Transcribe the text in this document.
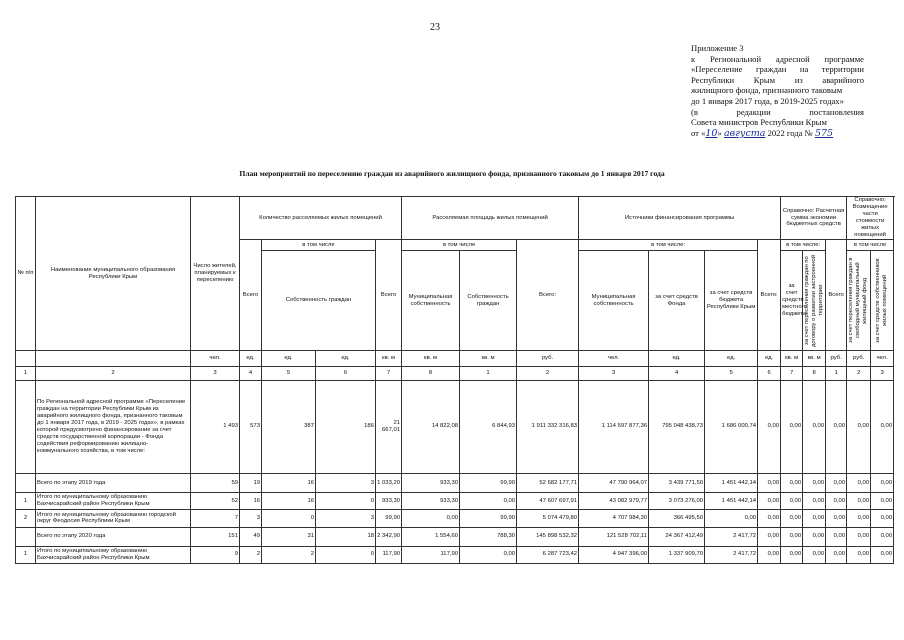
23
Приложение 3
к Региональной адресной программе
«Переселение граждан на территории
Республики Крым из аварийного
жилищного фонда, признанного таковым
до 1 января 2017 года, в 2019-2025 годах»
(в редакции постановления
Совета министров Республики Крым
от «10» августа 2022 года № 575
План мероприятий по переселению граждан из аварийного жилищного фонда, признанного таковым до 1 января 2017 года
№ п/п	Наименование муниципального образования Республики Крым	Число жителей, планируемых к переселению	Количество расселяемых жилых помещений				Расселяемая площадь жилых помещений			Источники финансирования программы				Справочно: Расчетная сумма экономии бюджетных средств			Справочно: Возмещение части стоимости жилых помещений		
			Всего	в том числе		Всего	в том числе		Всего:	в том числе:			Всего:	в том числе:		Всего	в том числе		
				Собственность граждан			Муниципальная собственность	Собственность граждан		Муниципальная собственность	за счет средств Фонда	за счет средств бюджета Республики Крым		за счет средств местного бюджета	за счет переселения граждан по договору о развитии застроенной территории		за счет переселения граждан в свободный муниципальный жилищный фонд	за счет средств собственников жилых помещений

		чел.	ед.	ед.	ед.	кв. м	кв. м	кв. м	руб.	чел.	ед.	ед.	ед.	кв. м	кв. м	руб.	руб.	чел.	
1	2	3	4	5	6	7	8	1	2	3	4	5	6	7	8	1	2	3	
	По Региональной адресной программе «Переселение граждан на территории Республики Крым из аварийного жилищного фонда, признанного таковым до 1 января 2017 года, в 2019 - 2025 годах», в рамках которой предусмотрено финансирование за счет средств государственной корпорации - Фонда содействия реформированию жилищно-коммунального хозяйства, в том числе:	1 493	573	387	186	21 667,01	14 822,08	6 844,93	1 911 332 316,83	1 114 597 877,36	795 048 438,73	1 686 000,74	0,00	0,00	0,00	0,00	0,00	0,00	
	Всего по этапу 2019 года	59	19	16	3	1 033,20	933,30	99,90	52 682 177,71	47 790 964,07	3 439 771,50	1 451 442,14	0,00	0,00	0,00	0,00	0,00	0,00	
1	Итого по муниципальному образованию Бахчисарайский район Республики Крым	52	16	16	0	933,30	933,30	0,00	47 607 697,91	43 082 979,77	3 073 276,00	1 451 442,14	0,00	0,00	0,00	0,00	0,00	0,00	
2	Итого по муниципальному образованию городской округ Феодосия Республики Крым	7	3	0	3	99,90	0,00	99,90	5 074 479,80	4 707 984,30	366 495,50	0,00	0,00	0,00	0,00	0,00	0,00	0,00	
	Всего по этапу 2020 года	151	49	31	18	2 342,90	1 554,60	788,30	145 898 532,32	121 528 702,11	24 367 412,49	2 417,72	0,00	0,00	0,00	0,00	0,00	0,00	
1	Итого по муниципальному образованию Бахчисарайский район Республики Крым	9	2	2	0	117,90	117,90	0,00	6 287 723,42	4 947 396,00	1 337 909,70	2 417,72	0,00	0,00	0,00	0,00	0,00	0,00	
